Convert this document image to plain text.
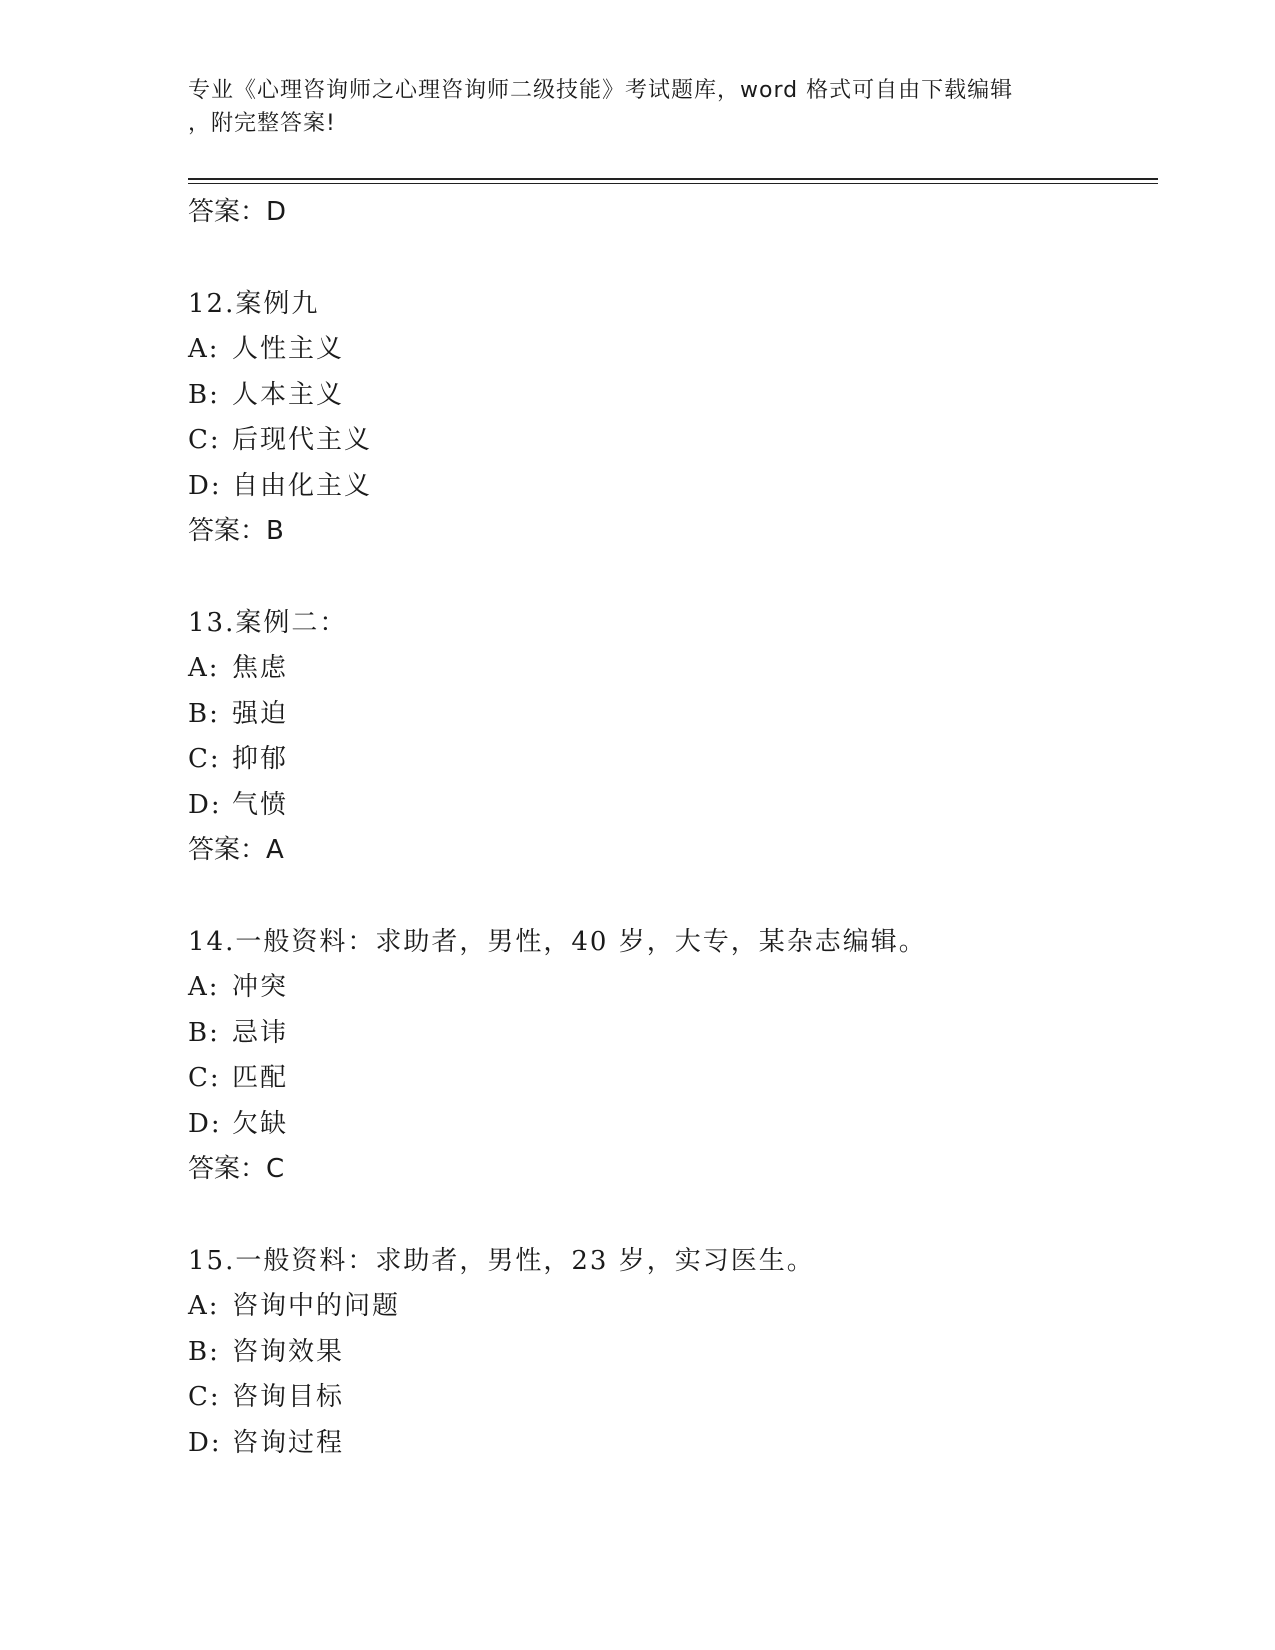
专业《心理咨询师之心理咨询师二级技能》考试题库，word 格式可自由下载编辑
，附完整答案!
答案：D
12.案例九
A: 人性主义
B: 人本主义
C: 后现代主义
D: 自由化主义
答案：B
13.案例二：
A: 焦虑
B: 强迫
C: 抑郁
D: 气愤
答案：A
14.一般资料：求助者，男性，40 岁，大专，某杂志编辑。
A: 冲突
B: 忌讳
C: 匹配
D: 欠缺
答案：C
15.一般资料：求助者，男性，23 岁，实习医生。
A: 咨询中的问题
B: 咨询效果
C: 咨询目标
D: 咨询过程
